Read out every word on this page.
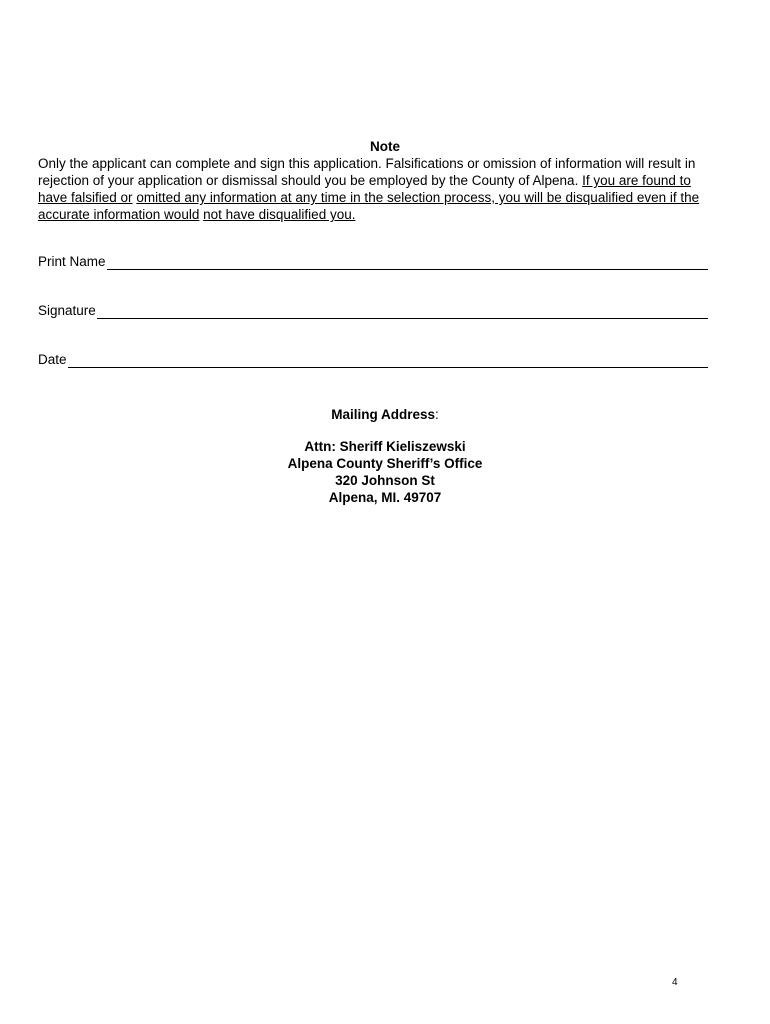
Note
Only the applicant can complete and sign this application. Falsifications or omission of information will result in rejection of your application or dismissal should you be employed by the County of Alpena. If you are found to have falsified or omitted any information at any time in the selection process, you will be disqualified even if the accurate information would not have disqualified you.
Print Name
Signature
Date
Mailing Address:
Attn: Sheriff Kieliszewski
Alpena County Sheriff’s Office
320 Johnson St
Alpena, MI. 49707
4
